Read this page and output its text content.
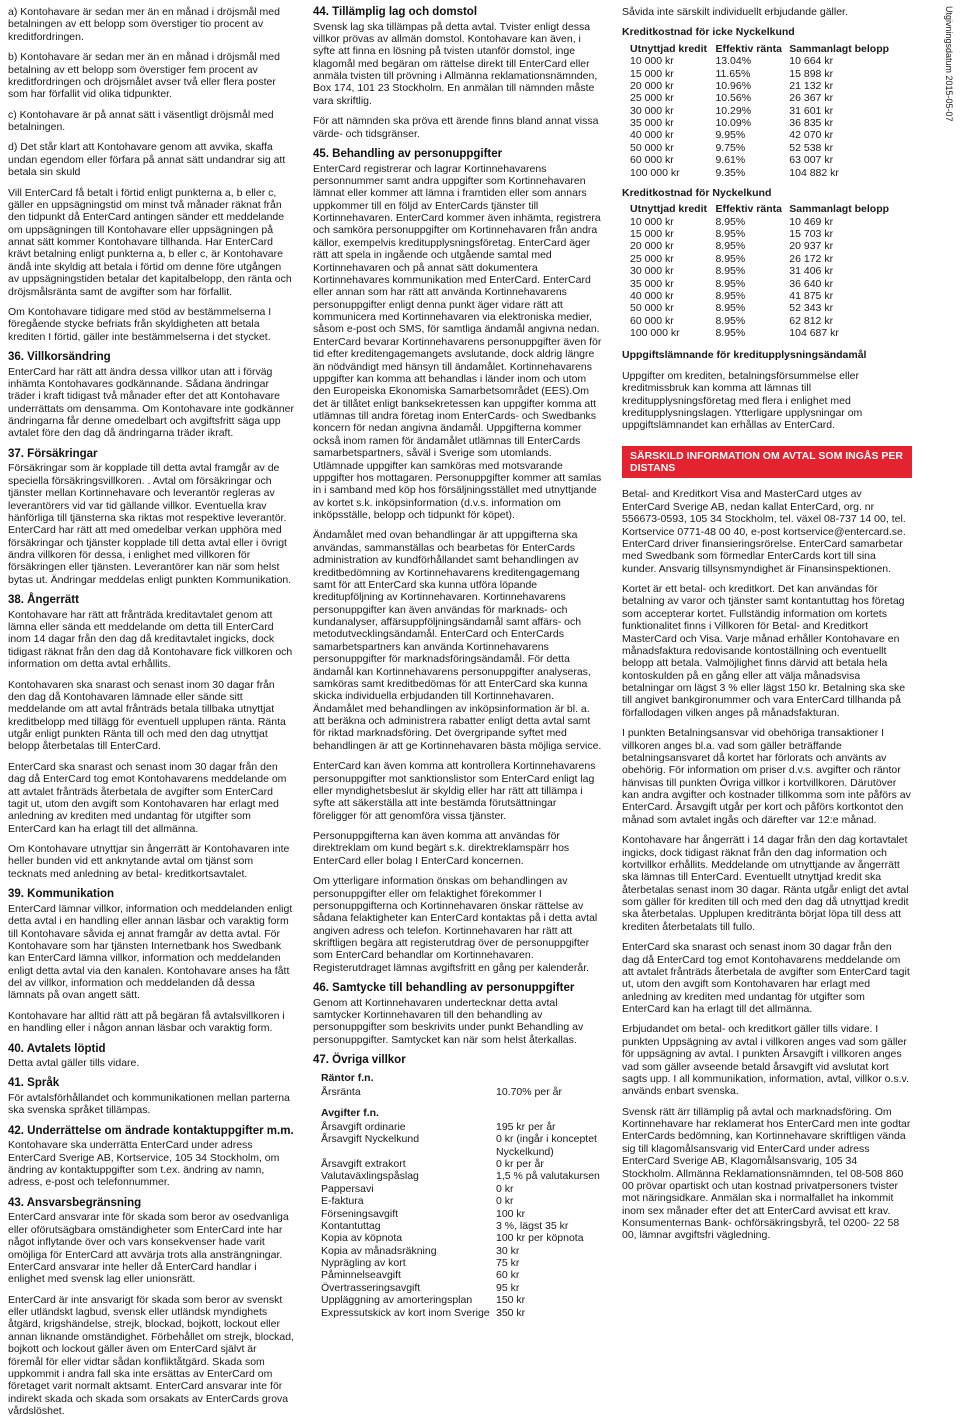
Utgivningsdatum 2015-05-07

a) Kontohavare är sedan mer än en månad i dröjsmål med betalningen av ett belopp som överstiger tio procent av kreditfordringen.

b) Kontohavare är sedan mer än en månad i dröjsmål med betalning av ett belopp som överstiger fem procent av kreditfordringen och dröjsmålet avser två eller flera poster som har förfallit vid olika tidpunkter.

c) Kontohavare är på annat sätt i väsentligt dröjsmål med betalningen.

d) Det står klart att Kontohavare genom att avvika, skaffa undan egendom eller förfara på annat sätt undandrar sig att betala sin skuld

Vill EnterCard få betalt i förtid enligt punkterna a, b eller c, gäller en uppsägningstid om minst två månader räknat från den tidpunkt då EnterCard antingen sänder ett meddelande om uppsägningen till Kontohavare eller uppsägningen på annat sätt kommer Kontohavare tillhanda. Har EnterCard krävt betalning enligt punkterna a, b eller c, är Kontohavare ändå inte skyldig att betala i förtid om denne före utgången av uppsägningstiden betalar det kapitalbelopp, den ränta och dröjsmålsränta samt de avgifter som har förfallit.

Om Kontohavare tidigare med stöd av bestämmelserna I föregående stycke befriats från skyldigheten att betala krediten I förtid, gäller inte bestämmelserna i det stycket.

36. Villkorsändring

EnterCard har rätt att ändra dessa villkor utan att i förväg inhämta Kontohavares godkännande. Sådana ändringar träder i kraft tidigast två månader efter det att Kontohavare underrättats om densamma. Om Kontohavare inte godkänner ändringarna får denne omedelbart och avgiftsfritt säga upp avtalet före den dag då ändringarna träder ikraft.

37. Försäkringar

Försäkringar som är kopplade till detta avtal framgår av de speciella försäkringsvillkoren. . Avtal om försäkringar och tjänster mellan Kortinnehavare och leverantör regleras av leverantörers vid var tid gällande villkor. Eventuella krav hänförliga till tjänsterna ska riktas mot respektive leverantör. EnterCard har rätt att med omedelbar verkan upphöra med försäkringar och tjänster kopplade till detta avtal eller i övrigt ändra villkoren för dessa, i enlighet med villkoren för försäkringen eller tjänsten. Leverantörer kan när som helst bytas ut. Ändringar meddelas enligt punkten Kommunikation.

38. Ångerrätt

Kontohavare har rätt att frånträda kreditavtalet genom att lämna eller sända ett meddelande om detta till EnterCard inom 14 dagar från den dag då kreditavtalet ingicks, dock tidigast räknat från den dag då Kontohavare fick villkoren och information om detta avtal erhållits.

Kontohavaren ska snarast och senast inom 30 dagar från den dag då Kontohavaren lämnade eller sände sitt meddelande om att avtal frånträds betala tillbaka utnyttjat kreditbelopp med tillägg för eventuell upplupen ränta. Ränta utgår enligt punkten Ränta till och med den dag utnyttjat belopp återbetalas till EnterCard.

EnterCard ska snarast och senast inom 30 dagar från den dag då EnterCard tog emot Kontohavarens meddelande om att avtalet frånträds återbetala de avgifter som EnterCard tagit ut, utom den avgift som Kontohavaren har erlagt med anledning av krediten med undantag för utgifter som EnterCard kan ha erlagt till det allmänna.

Om Kontohavare utnyttjar sin ångerrätt är Kontohavaren inte heller bunden vid ett anknytande avtal om tjänst som tecknats med anledning av betal- kreditkortsavtalet.

39. Kommunikation

EnterCard lämnar villkor, information och meddelanden enligt detta avtal i en handling eller annan läsbar och varaktig form till Kontohavare såvida ej annat framgår av detta avtal. För Kontohavare som har tjänsten Internetbank hos Swedbank kan EnterCard lämna villkor, information och meddelanden enligt detta avtal via den kanalen. Kontohavare anses ha fått del av villkor, information och meddelanden då dessa lämnats på ovan angett sätt.

Kontohavare har alltid rätt att på begäran få avtalsvillkoren i en handling eller i någon annan läsbar och varaktig form.

40. Avtalets löptid

Detta avtal gäller tills vidare.

41. Språk

För avtalsförhållandet och kommunikationen mellan parterna ska svenska språket tillämpas.

42. Underrättelse om ändrade kontaktuppgifter m.m.

Kontohavare ska underrätta EnterCard under adress EnterCard Sverige AB, Kortservice, 105 34 Stockholm, om ändring av kontaktuppgifter som t.ex. ändring av namn, adress, e-post och telefonnummer.

43. Ansvarsbegränsning

EnterCard ansvarar inte för skada som beror av osedvanliga eller oförutsägbara omständigheter som EnterCard inte har något inflytande över och vars konsekvenser hade varit omöjliga för EnterCard att avvärja trots alla ansträngningar. EnterCard ansvarar inte heller då EnterCard handlar i enlighet med svensk lag eller unionsrätt.

EnterCard är inte ansvarigt för skada som beror av svenskt eller utländskt lagbud, svensk eller utländsk myndighets åtgärd, krigshändelse, strejk, blockad, bojkott, lockout eller annan liknande omständighet. Förbehållet om strejk, blockad, bojkott och lockout gäller även om EnterCard självt är föremål för eller vidtar sådan konfliktåtgärd. Skada som uppkommit i andra fall ska inte ersättas av EnterCard om företaget varit normalt aktsamt. EnterCard ansvarar inte för indirekt skada och skada som orsakats av EnterCards grova vårdslöshet.

44. Tillämplig lag och domstol

Svensk lag ska tillämpas på detta avtal. Tvister enligt dessa villkor prövas av allmän domstol. Kontohavare kan även, i syfte att finna en lösning på tvisten utanför domstol, inge klagomål med begäran om rättelse direkt till EnterCard eller anmäla tvisten till prövning i Allmänna reklamationsnämnden, Box 174, 101 23 Stockholm. En anmälan till nämnden måste vara skriftlig.

För att nämnden ska pröva ett ärende finns bland annat vissa värde- och tidsgränser.

45. Behandling av personuppgifter

EnterCard registrerar och lagrar Kortinnehavarens personnummer samt andra uppgifter som Kortinnehavaren lämnat eller kommer att lämna i framtiden eller som annars uppkommer till en följd av EnterCards tjänster till Kortinnehavaren. EnterCard kommer även inhämta, registrera och samköra personuppgifter om Kortinnehavaren från andra källor, exempelvis kreditupplysningsföretag. EnterCard äger rätt att spela in ingående och utgående samtal med Kortinnehavaren och på annat sätt dokumentera Kortinnehavares kommunikation med EnterCard. EnterCard eller annan som har rätt att använda Kortinnehavarens personuppgifter enligt denna punkt äger vidare rätt att kommunicera med Kortinnehavaren via elektroniska medier, såsom e-post och SMS, för samtliga ändamål angivna nedan. EnterCard bevarar Kortinnehavarens personuppgifter även för tid efter kreditengagemangets avslutande, dock aldrig längre än nödvändigt med hänsyn till ändamålet. Kortinnehavarens uppgifter kan komma att behandlas i länder inom och utom den Europeiska Ekonomiska Samarbetsområdet (EES).Om det är tillåtet enligt banksekretessen kan uppgifter komma att utlämnas till andra företag inom EnterCards- och Swedbanks koncern för nedan angivna ändamål. Uppgifterna kommer också inom ramen för ändamålet utlämnas till EnterCards samarbetspartners, såväl i Sverige som utomlands. Utlämnade uppgifter kan samköras med motsvarande uppgifter hos mottagaren. Personuppgifter kommer att samlas in i samband med köp hos försäljningsstället med utnyttjande av kortet s.k. inköpsinformation (d.v.s. information om inköpsställe, belopp och tidpunkt för köpet).

Ändamålet med ovan behandlingar är att uppgifterna ska användas, sammanställas och bearbetas för EnterCards administration av kundförhållandet samt behandlingen av kreditbedömning av Kortinnehavarens kreditengagemang samt för att EnterCard ska kunna utföra löpande kreditupföljning av Kortinnehavaren. Kortinnehavarens personuppgifter kan även användas för marknads- och kundanalyser, affärsuppföljningsändamål samt affärs- och metodutvecklingsändamål. EnterCard och EnterCards samarbetspartners kan använda Kortinnehavarens personuppgifter för marknadsföringsändamål. För detta ändamål kan Kortinnehavarens personuppgifter analyseras, samköras samt kreditbedömas för att EnterCard ska kunna skicka individuella erbjudanden till Kortinnehavaren. Ändamålet med behandlingen av inköpsinformation är bl. a. att beräkna och administrera rabatter enligt detta avtal samt för riktad marknadsföring. Det övergripande syftet med behandlingen är att ge Kortinnehavaren bästa möjliga service.

EnterCard kan även komma att kontrollera Kortinnehavarens personuppgifter mot sanktionslistor som EnterCard enligt lag eller myndighetsbeslut är skyldig eller har rätt att tillämpa i syfte att säkerställa att inte bestämda förutsättningar föreligger för att genomföra vissa tjänster.

Personuppgifterna kan även komma att användas för direktreklam om kund begärt s.k. direktreklamspärr hos EnterCard eller bolag I EnterCard koncernen.

Om ytterligare information önskas om behandlingen av personuppgifter eller om felaktighet förekommer I personuppgifterna och Kortinnehavaren önskar rättelse av sådana felaktigheter kan EnterCard kontaktas på i detta avtal angiven adress och telefon. Kortinnehavaren har rätt att skriftligen begära att registerutdrag över de personuppgifter som EnterCard behandlar om Kortinnehavaren. Registerutdraget lämnas avgiftsfritt en gång per kalenderår.

46. Samtycke till behandling av personuppgifter

Genom att Kortinnehavaren undertecknar detta avtal samtycker Kortinnehavaren till den behandling av personuppgifter som beskrivits under punkt Behandling av personuppgifter. Samtycket kan när som helst återkallas.

47. Övriga villkor
Räntor f.n.
Årsränta	10.70% per år
Avgifter f.n.
Årsavgift ordinarie	195 kr per år
Årsavgift Nyckelkund	0 kr (ingår i konceptet Nyckelkund)
Årsavgift extrakort	0 kr per år
Valutaväxlingspåslag	1,5 % på valutakursen
Pappersavi	0 kr
E-faktura	0 kr
Förseningsavgift	100 kr
Kontantuttag	3 %, lägst 35 kr
Kopia av köpnota	100 kr per köpnota
Kopia av månadsräkning	30 kr
Nyprägling av kort	75 kr
Påminnelseavgift	60 kr
Övertrasseringsavgift	95 kr
Uppläggning av amorteringsplan	150 kr
Expressutskick av kort inom Sverige	350 kr

Såvida inte särskilt individuellt erbjudande gäller.

Kreditkostnad för icke Nyckelkund
Utnyttjad kredit	Effektiv ränta	Sammanlagt belopp
10 000 kr	13.04%	10 664 kr
15 000 kr	11.65%	15 898 kr
20 000 kr	10.96%	21 132 kr
25 000 kr	10.56%	26 367 kr
30 000 kr	10.29%	31 601 kr
35 000 kr	10.09%	36 835 kr
40 000 kr	9.95%	42 070 kr
50 000 kr	9.75%	52 538 kr
60 000 kr	9.61%	63 007 kr
100 000 kr	9.35%	104 882 kr
Kreditkostnad för Nyckelkund
Utnyttjad kredit	Effektiv ränta	Sammanlagt belopp
10 000 kr	8.95%	10 469 kr
15 000 kr	8.95%	15 703 kr
20 000 kr	8.95%	20 937 kr
25 000 kr	8.95%	26 172 kr
30 000 kr	8.95%	31 406 kr
35 000 kr	8.95%	36 640 kr
40 000 kr	8.95%	41 875 kr
50 000 kr	8.95%	52 343 kr
60 000 kr	8.95%	62 812 kr
100 000 kr	8.95%	104 687 kr
Uppgiftslämnande för kreditupplysningsändamål

Uppgifter om krediten, betalningsförsummelse eller kreditmissbruk kan komma att lämnas till kreditupplysningsföretag med flera i enlighet med kreditupplysningslagen. Ytterligare upplysningar om uppgiftslämnandet kan erhållas av EnterCard.

SÄRSKILD INFORMATION OM AVTAL SOM INGÅS PER DISTANS

Betal- and Kreditkort Visa and MasterCard utges av EnterCard Sverige AB, nedan kallat EnterCard, org. nr 556673-0593, 105 34 Stockholm, tel. växel 08-737 14 00, tel. Kortservice 0771-48 00 40, e-post kortservice@entercard.se. EnterCard driver finansieringsrörelse. EnterCard samarbetar med Swedbank som förmedlar EnterCards kort till sina kunder. Ansvarig tillsynsmyndighet är Finansinspektionen.

Kortet är ett betal- och kreditkort. Det kan användas för betalning av varor och tjänster samt kontantuttag hos företag som accepterar kortet. Fullständig information om kortets funktionalitet finns i Villkoren för Betal- and Kreditkort MasterCard och Visa. Varje månad erhåller Kontohavare en månadsfaktura redovisande kontoställning och eventuellt belopp att betala. Valmöjlighet finns därvid att betala hela kontoskulden på en gång eller att välja månadsvisa betalningar om lägst 3 % eller lägst 150 kr. Betalning ska ske till angivet bankgironummer och vara EnterCard tillhanda på förfallodagen vilken anges på månadsfakturan.

I punkten Betalningsansvar vid obehöriga transaktioner I villkoren anges bl.a. vad som gäller beträffande betalningsansvaret då kortet har förlorats och använts av obehörig. För information om priser d.v.s. avgifter och räntor hänvisas till punkten Övriga villkor i kortvillkoren. Därutöver kan andra avgifter och kostnader tillkomma som inte påförs av EnterCard. Årsavgift utgår per kort och påförs kortkontot den månad som avtalet ingås och därefter var 12:e månad.

Kontohavare har ångerrätt i 14 dagar från den dag kortavtalet ingicks, dock tidigast räknat från den dag information och kortvillkor erhållits. Meddelande om utnyttjande av ångerrätt ska lämnas till EnterCard. Eventuellt utnyttjad kredit ska återbetalas senast inom 30 dagar. Ränta utgår enligt det avtal som gäller för krediten till och med den dag då utnyttjad kredit ska återbetalas. Upplupen kreditränta börjat löpa till dess att krediten återbetalats till fullo.

EnterCard ska snarast och senast inom 30 dagar från den dag då EnterCard tog emot Kontohavarens meddelande om att avtalet frånträds återbetala de avgifter som EnterCard tagit ut, utom den avgift som Kontohavaren har erlagt med anledning av krediten med undantag för utgifter som EnterCard kan ha erlagt till det allmänna.

Erbjudandet om betal- och kreditkort gäller tills vidare. I punkten Uppsägning av avtal i villkoren anges vad som gäller för uppsägning av avtal. I punkten Årsavgift i villkoren anges vad som gäller avseende betald årsavgift vid avslutat kort sagts upp. I all kommunikation, information, avtal, villkor o.s.v. används enbart svenska.

Svensk rätt ärr tillämplig på avtal och marknadsföring. Om Kortinnehavare har reklamerat hos EnterCard men inte godtar EnterCards bedömning, kan Kortinnehavare skriftligen vända sig till klagomålsansvarig vid EnterCard under adress EnterCard Sverige AB, Klagomålsansvarig, 105 34 Stockholm. Allmänna Reklamationsnämnden, tel 08-508 860 00 prövar opartiskt och utan kostnad privatpersoners tvister mot näringsidkare. Anmälan ska i normalfallet ha inkommit inom sex månader efter det att EnterCard avvisat ett krav. Konsumenternas Bank- ochförsäkringsbyrå, tel 0200- 22 58 00, lämnar avgiftsfri vägledning.
